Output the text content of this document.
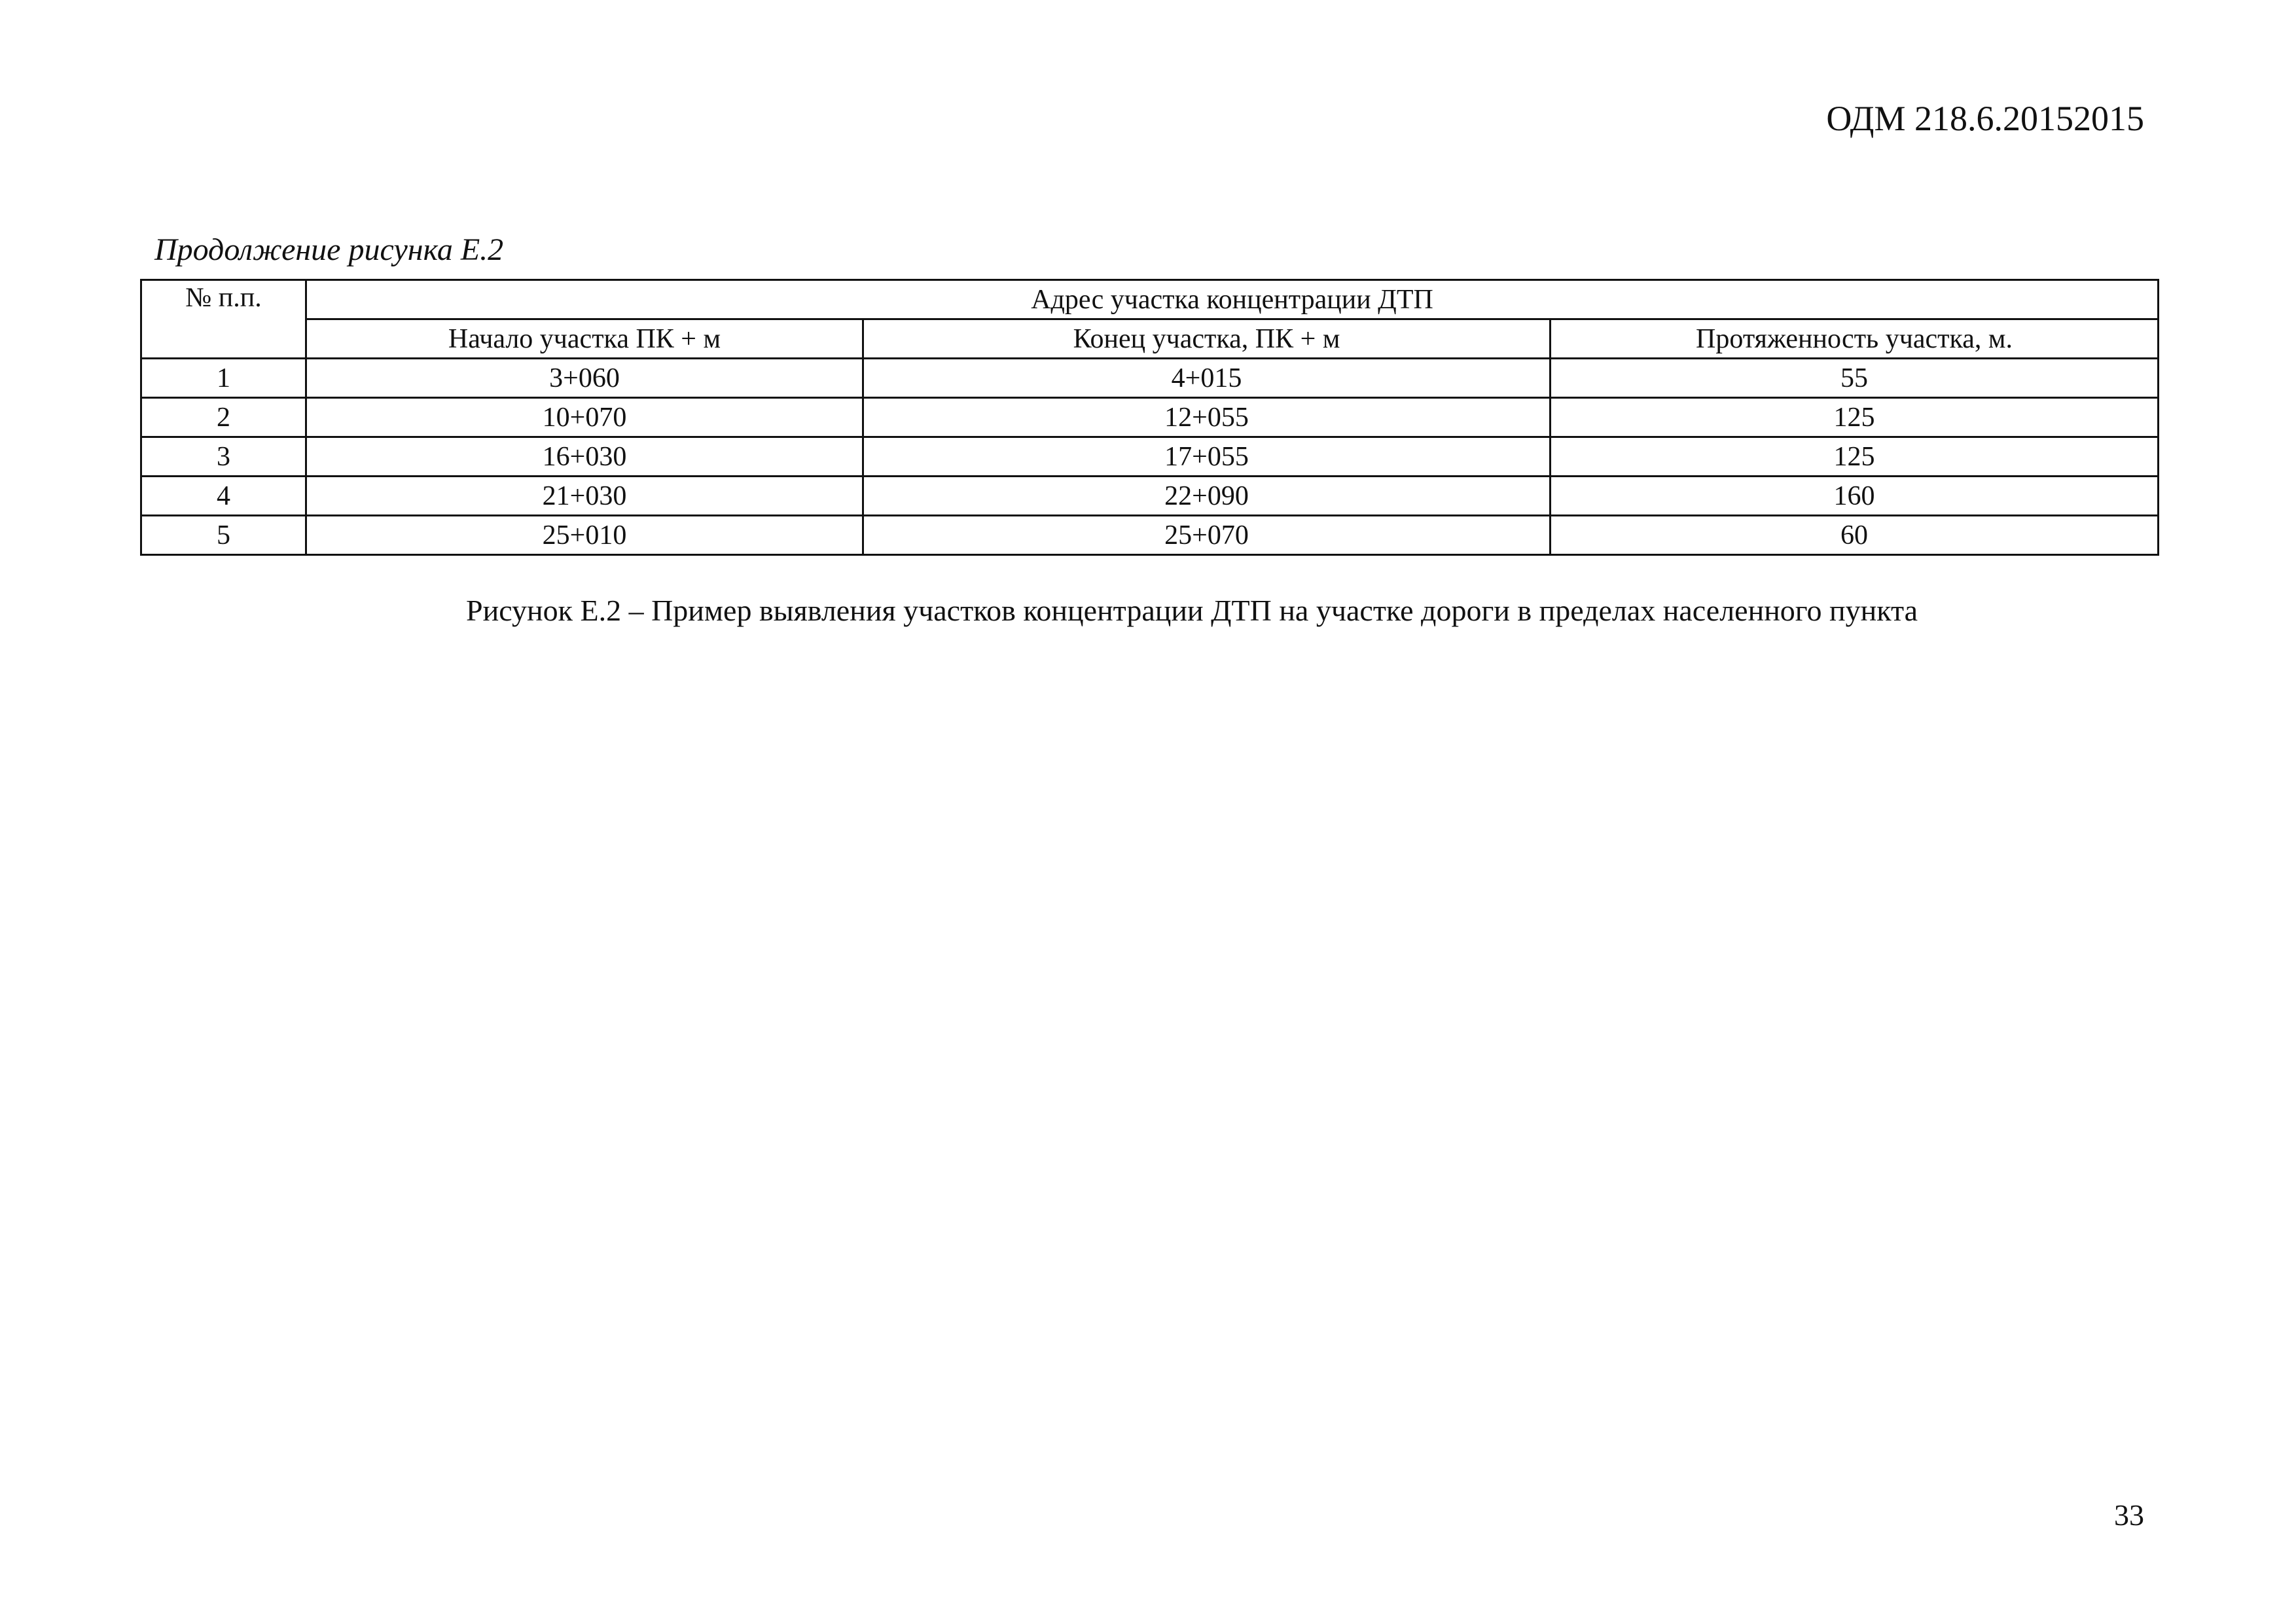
ОДМ 218.6.20152015
Продолжение рисунка Е.2
№ п.п.	Адрес участка концентрации ДТП		
	Начало участка ПК + м	Конец участка, ПК + м	Протяженность участка, м.
1	3+060	4+015	55
2	10+070	12+055	125
3	16+030	17+055	125
4	21+030	22+090	160
5	25+010	25+070	60
Рисунок Е.2 – Пример выявления участков концентрации ДТП на участке дороги в пределах населенного пункта
33
